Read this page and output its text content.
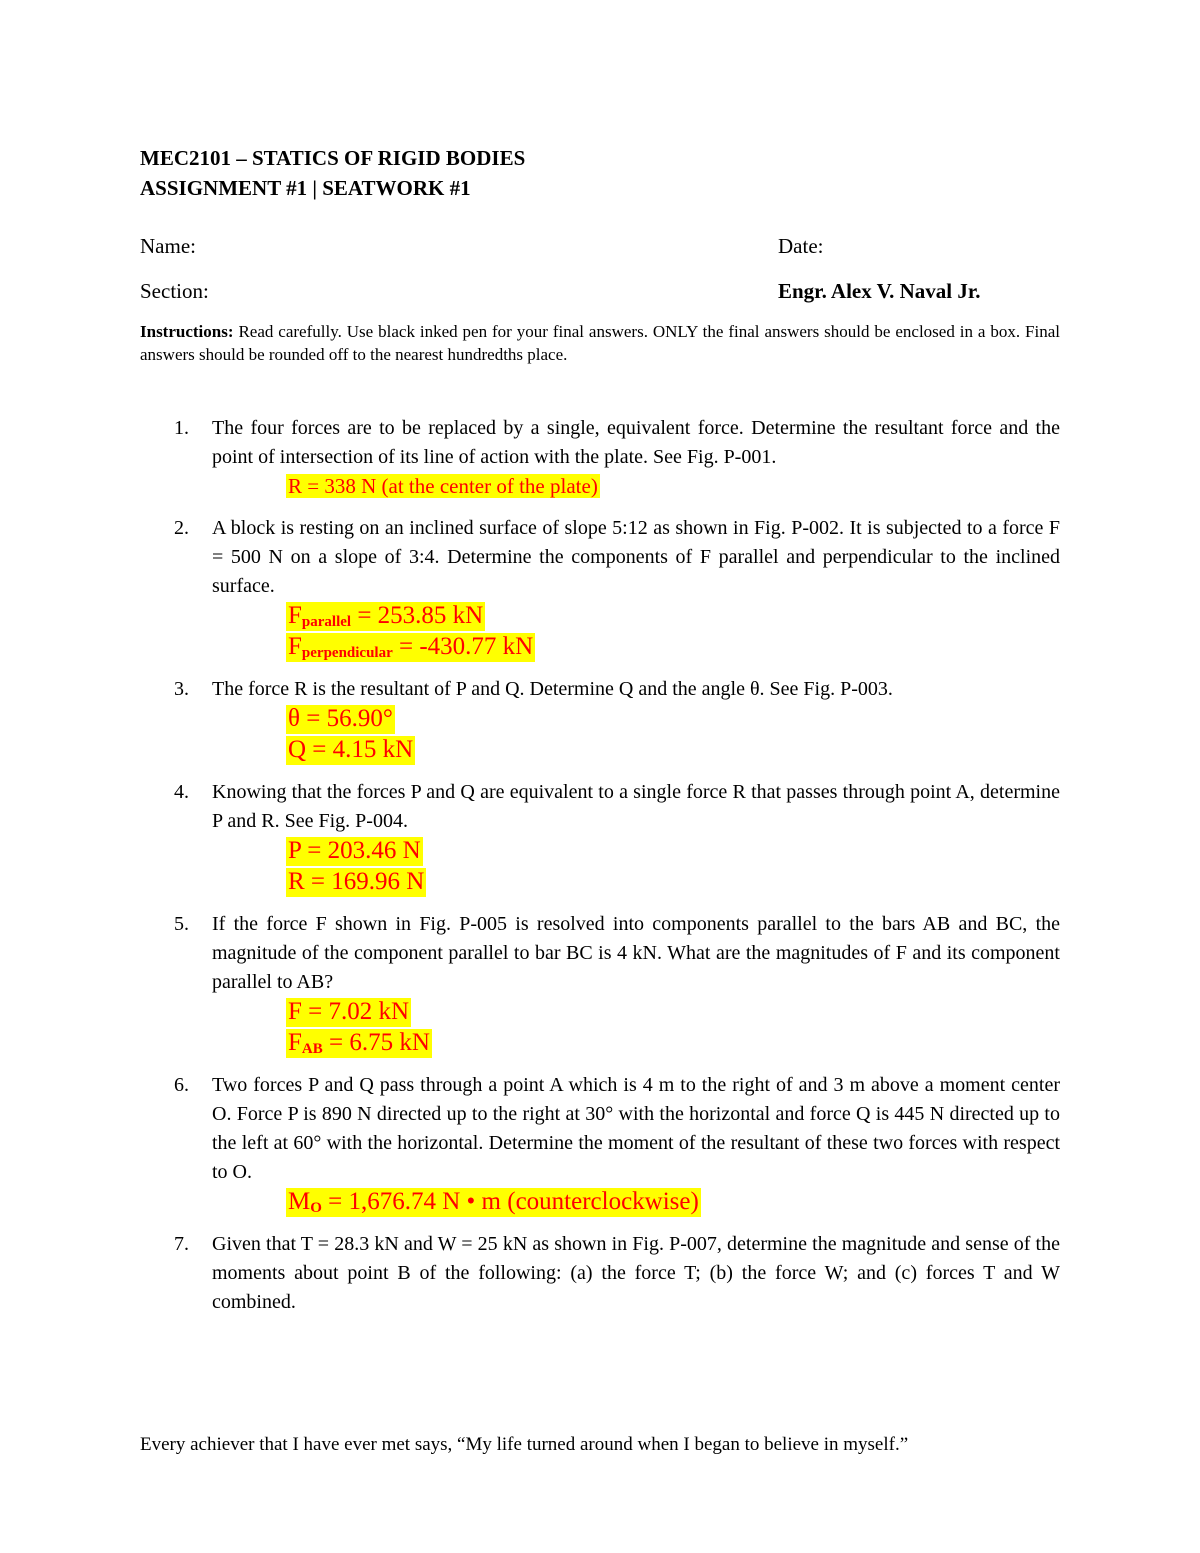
MEC2101 – STATICS OF RIGID BODIES
ASSIGNMENT #1 | SEATWORK #1
Name:	Date:
Section:	Engr. Alex V. Naval Jr.
Instructions: Read carefully. Use black inked pen for your final answers. ONLY the final answers should be enclosed in a box. Final answers should be rounded off to the nearest hundredths place.
1. The four forces are to be replaced by a single, equivalent force. Determine the resultant force and the point of intersection of its line of action with the plate. See Fig. P-001.
R = 338 N (at the center of the plate)
2. A block is resting on an inclined surface of slope 5:12 as shown in Fig. P-002. It is subjected to a force F = 500 N on a slope of 3:4. Determine the components of F parallel and perpendicular to the inclined surface.
$F_{parallel} = 253.85$ kN
$F_{perpendicular} = -430.77$ kN
3. The force R is the resultant of P and Q. Determine Q and the angle θ. See Fig. P-003.
θ = 56.90°
Q = 4.15 kN
4. Knowing that the forces P and Q are equivalent to a single force R that passes through point A, determine P and R. See Fig. P-004.
P = 203.46 N
R = 169.96 N
5. If the force F shown in Fig. P-005 is resolved into components parallel to the bars AB and BC, the magnitude of the component parallel to bar BC is 4 kN. What are the magnitudes of F and its component parallel to AB?
F = 7.02 kN
$F_{AB} = 6.75$ kN
6. Two forces P and Q pass through a point A which is 4 m to the right of and 3 m above a moment center O. Force P is 890 N directed up to the right at 30° with the horizontal and force Q is 445 N directed up to the left at 60° with the horizontal. Determine the moment of the resultant of these two forces with respect to O.
$M_O = 1,676.74$ N • m (counterclockwise)
7. Given that T = 28.3 kN and W = 25 kN as shown in Fig. P-007, determine the magnitude and sense of the moments about point B of the following: (a) the force T; (b) the force W; and (c) forces T and W combined.
Every achiever that I have ever met says, “My life turned around when I began to believe in myself.”
